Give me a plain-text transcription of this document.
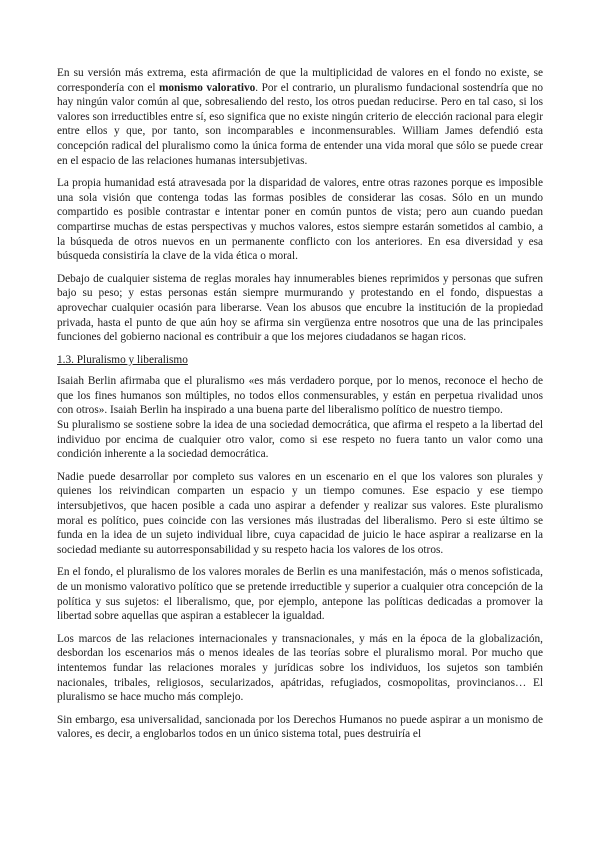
En su versión más extrema, esta afirmación de que la multiplicidad de valores en el fondo no existe, se correspondería con el monismo valorativo. Por el contrario, un pluralismo fundacional sostendría que no hay ningún valor común al que, sobresaliendo del resto, los otros puedan reducirse. Pero en tal caso, si los valores son irreductibles entre sí, eso significa que no existe ningún criterio de elección racional para elegir entre ellos y que, por tanto, son incomparables e inconmensurables. William James defendió esta concepción radical del pluralismo como la única forma de entender una vida moral que sólo se puede crear en el espacio de las relaciones humanas intersubjetivas.

La propia humanidad está atravesada por la disparidad de valores, entre otras razones porque es imposible una sola visión que contenga todas las formas posibles de considerar las cosas. Sólo en un mundo compartido es posible contrastar e intentar poner en común puntos de vista; pero aun cuando puedan compartirse muchas de estas perspectivas y muchos valores, estos siempre estarán sometidos al cambio, a la búsqueda de otros nuevos en un permanente conflicto con los anteriores. En esa diversidad y esa búsqueda consistiría la clave de la vida ética o moral.

Debajo de cualquier sistema de reglas morales hay innumerables bienes reprimidos y personas que sufren bajo su peso; y estas personas están siempre murmurando y protestando en el fondo, dispuestas a aprovechar cualquier ocasión para liberarse. Vean los abusos que encubre la institución de la propiedad privada, hasta el punto de que aún hoy se afirma sin vergüenza entre nosotros que una de las principales funciones del gobierno nacional es contribuir a que los mejores ciudadanos se hagan ricos.

1.3. Pluralismo y liberalismo

Isaiah Berlin afirmaba que el pluralismo «es más verdadero porque, por lo menos, reconoce el hecho de que los fines humanos son múltiples, no todos ellos conmensurables, y están en perpetua rivalidad unos con otros». Isaiah Berlin ha inspirado a una buena parte del liberalismo político de nuestro tiempo.

Su pluralismo se sostiene sobre la idea de una sociedad democrática, que afirma el respeto a la libertad del individuo por encima de cualquier otro valor, como si ese respeto no fuera tanto un valor como una condición inherente a la sociedad democrática.

Nadie puede desarrollar por completo sus valores en un escenario en el que los valores son plurales y quienes los reivindican comparten un espacio y un tiempo comunes. Ese espacio y ese tiempo intersubjetivos, que hacen posible a cada uno aspirar a defender y realizar sus valores. Este pluralismo moral es político, pues coincide con las versiones más ilustradas del liberalismo. Pero si este último se funda en la idea de un sujeto individual libre, cuya capacidad de juicio le hace aspirar a realizarse en la sociedad mediante su autorresponsabilidad y su respeto hacia los valores de los otros.

En el fondo, el pluralismo de los valores morales de Berlin es una manifestación, más o menos sofisticada, de un monismo valorativo político que se pretende irreductible y superior a cualquier otra concepción de la política y sus sujetos: el liberalismo, que, por ejemplo, antepone las políticas dedicadas a promover la libertad sobre aquellas que aspiran a establecer la igualdad.

Los marcos de las relaciones internacionales y transnacionales, y más en la época de la globalización, desbordan los escenarios más o menos ideales de las teorías sobre el pluralismo moral. Por mucho que intentemos fundar las relaciones morales y jurídicas sobre los individuos, los sujetos son también nacionales, tribales, religiosos, secularizados, apátridas, refugiados, cosmopolitas, provincianos… El pluralismo se hace mucho más complejo.

Sin embargo, esa universalidad, sancionada por los Derechos Humanos no puede aspirar a un monismo de valores, es decir, a englobarlos todos en un único sistema total, pues destruiría el
